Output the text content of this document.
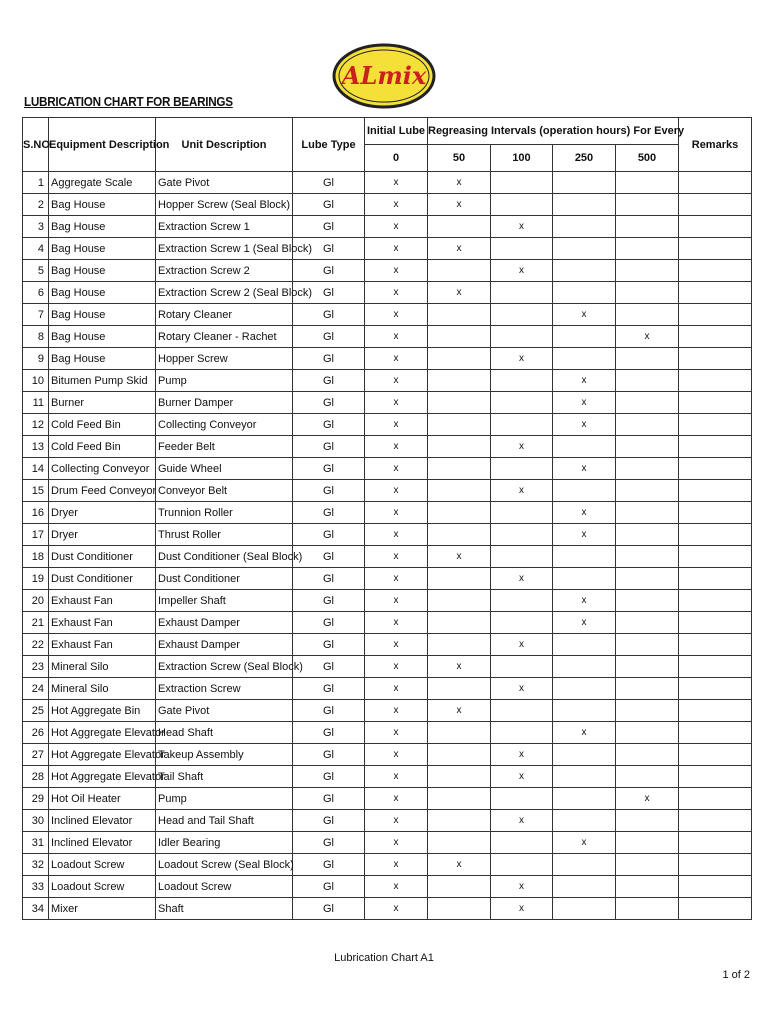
ALmix
LUBRICATION CHART FOR BEARINGS
S.NO	Equipment Description	Unit Description	Lube Type	Initial Lube	Regreasing Intervals (operation hours) For Every				Remarks
				0	50	100	250	500	
1	Aggregate Scale	Gate Pivot	Gl	x	x				
2	Bag House	Hopper Screw (Seal Block)	Gl	x	x				
3	Bag House	Extraction Screw 1	Gl	x		x			
4	Bag House	Extraction Screw 1 (Seal Block)	Gl	x	x				
5	Bag House	Extraction Screw 2	Gl	x		x			
6	Bag House	Extraction Screw 2 (Seal Block)	Gl	x	x				
7	Bag House	Rotary Cleaner	Gl	x			x		
8	Bag House	Rotary Cleaner - Rachet	Gl	x				x	
9	Bag House	Hopper Screw	Gl	x		x			
10	Bitumen Pump Skid	Pump	Gl	x			x		
11	Burner	Burner Damper	Gl	x			x		
12	Cold Feed Bin	Collecting Conveyor	Gl	x			x		
13	Cold Feed Bin	Feeder Belt	Gl	x		x			
14	Collecting Conveyor	Guide Wheel	Gl	x			x		
15	Drum Feed Conveyor	Conveyor Belt	Gl	x		x			
16	Dryer	Trunnion Roller	Gl	x			x		
17	Dryer	Thrust Roller	Gl	x			x		
18	Dust Conditioner	Dust Conditioner (Seal Block)	Gl	x	x				
19	Dust Conditioner	Dust Conditioner	Gl	x		x			
20	Exhaust Fan	Impeller Shaft	Gl	x			x		
21	Exhaust Fan	Exhaust Damper	Gl	x			x		
22	Exhaust Fan	Exhaust Damper	Gl	x		x			
23	Mineral Silo	Extraction Screw (Seal Block)	Gl	x	x				
24	Mineral Silo	Extraction Screw	Gl	x		x			
25	Hot Aggregate Bin	Gate Pivot	Gl	x	x				
26	Hot Aggregate Elevator	Head Shaft	Gl	x			x		
27	Hot Aggregate Elevator	Takeup Assembly	Gl	x		x			
28	Hot Aggregate Elevator	Tail Shaft	Gl	x		x			
29	Hot Oil Heater	Pump	Gl	x				x	
30	Inclined Elevator	Head and Tail Shaft	Gl	x		x			
31	Inclined Elevator	Idler Bearing	Gl	x			x		
32	Loadout Screw	Loadout Screw (Seal Block)	Gl	x	x				
33	Loadout Screw	Loadout Screw	Gl	x		x			
34	Mixer	Shaft	Gl	x		x			
Lubrication Chart A1
1 of 2
